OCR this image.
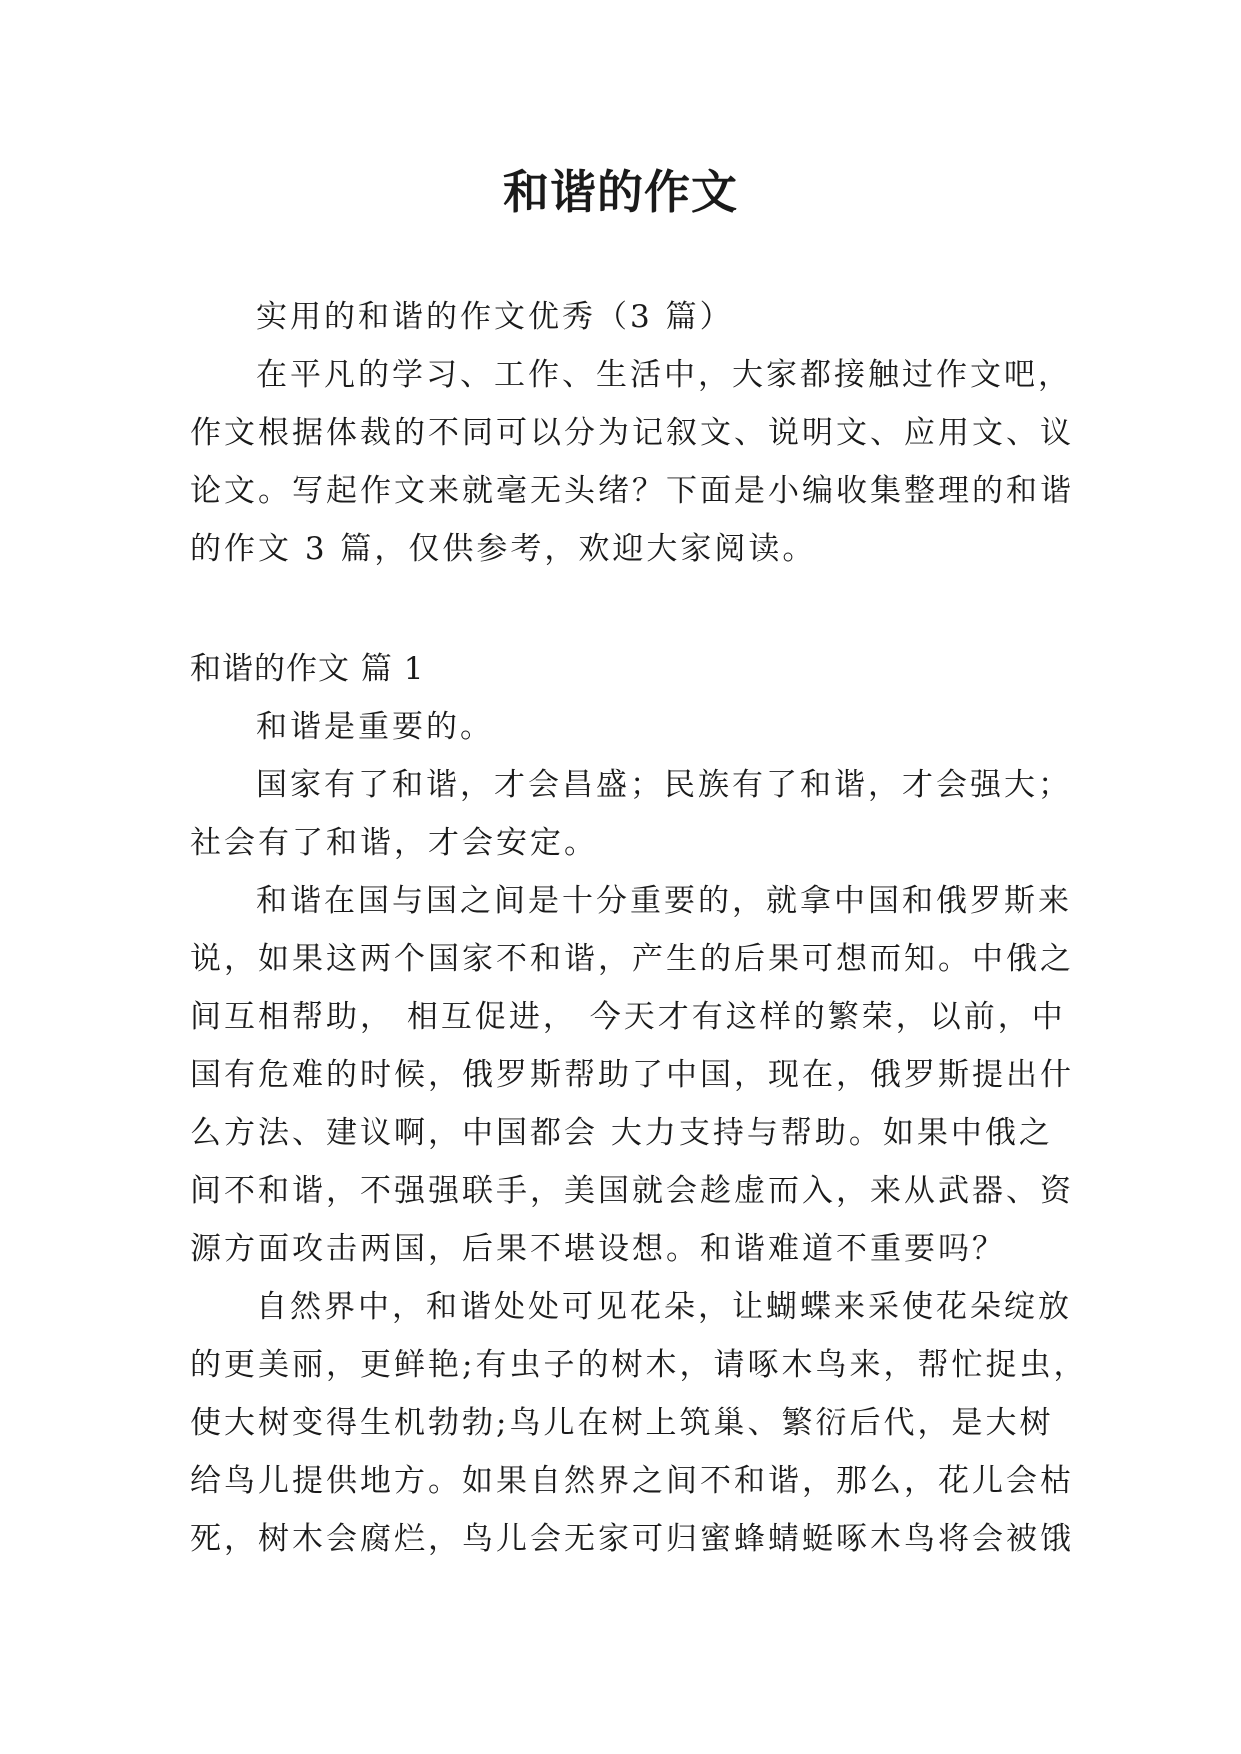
和谐的作文
实用的和谐的作文优秀（3 篇）
在平凡的学习、工作、生活中，大家都接触过作文吧，
作文根据体裁的不同可以分为记叙文、说明文、应用文、议
论文。写起作文来就毫无头绪？下面是小编收集整理的和谐
的作文 3 篇，仅供参考，欢迎大家阅读。
和谐的作文 篇 1
和谐是重要的。
国家有了和谐，才会昌盛；民族有了和谐，才会强大；
社会有了和谐，才会安定。
和谐在国与国之间是十分重要的，就拿中国和俄罗斯来
说，如果这两个国家不和谐，产生的后果可想而知。中俄之
间互相帮助， 相互促进， 今天才有这样的繁荣，以前，中
国有危难的时候，俄罗斯帮助了中国，现在，俄罗斯提出什
么方法、建议啊，中国都会 大力支持与帮助。如果中俄之
间不和谐，不强强联手，美国就会趁虚而入，来从武器、资
源方面攻击两国，后果不堪设想。和谐难道不重要吗？
自然界中，和谐处处可见花朵，让蝴蝶来采使花朵绽放
的更美丽，更鲜艳;有虫子的树木，请啄木鸟来，帮忙捉虫，
使大树变得生机勃勃;鸟儿在树上筑巢、繁衍后代，是大树
给鸟儿提供地方。如果自然界之间不和谐，那么，花儿会枯
死，树木会腐烂，鸟儿会无家可归蜜蜂蜻蜓啄木鸟将会被饿
